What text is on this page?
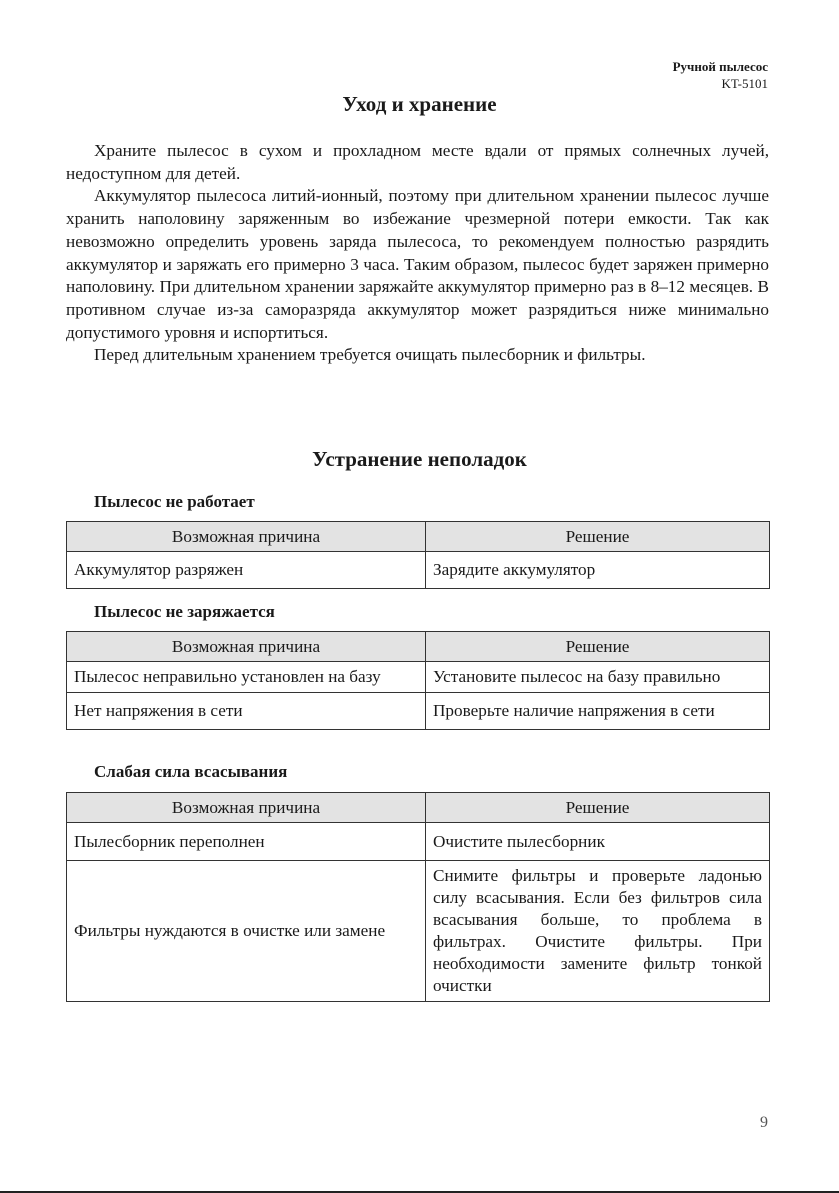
Ручной пылесос
KT-5101
Уход и хранение

Храните пылесос в сухом и прохладном месте вдали от прямых солнечных лучей, недоступном для детей.

Аккумулятор пылесоса литий-ионный, поэтому при длительном хранении пылесос лучше хранить наполовину заряженным во избежание чрезмерной потери емкости. Так как невозможно определить уровень заряда пылесоса, то рекомендуем полностью разрядить аккумулятор и заряжать его примерно 3 часа. Таким образом, пылесос будет заряжен примерно наполовину. При длительном хранении заряжайте аккумулятор примерно раз в 8–12 месяцев. В противном случае из-за саморазряда аккумулятор может разрядиться ниже минимально допустимого уровня и испортиться.

Перед длительным хранением требуется очищать пылесборник и фильтры.

Устранение неполадок
Пылесос не работает
Возможная причина	Решение
Аккумулятор разряжен	Зарядите аккумулятор
Пылесос не заряжается
Возможная причина	Решение
Пылесос неправильно установлен на базу	Установите пылесос на базу правильно
Нет напряжения в сети	Проверьте наличие напряжения в сети
Слабая сила всасывания
Возможная причина	Решение
Пылесборник переполнен	Очистите пылесборник
Фильтры нуждаются в очистке или замене	Снимите фильтры и проверьте ладонью силу всасывания. Если без фильтров сила всасывания больше, то проблема в фильтрах. Очистите фильтры. При необходимости замените фильтр тонкой очистки
9
